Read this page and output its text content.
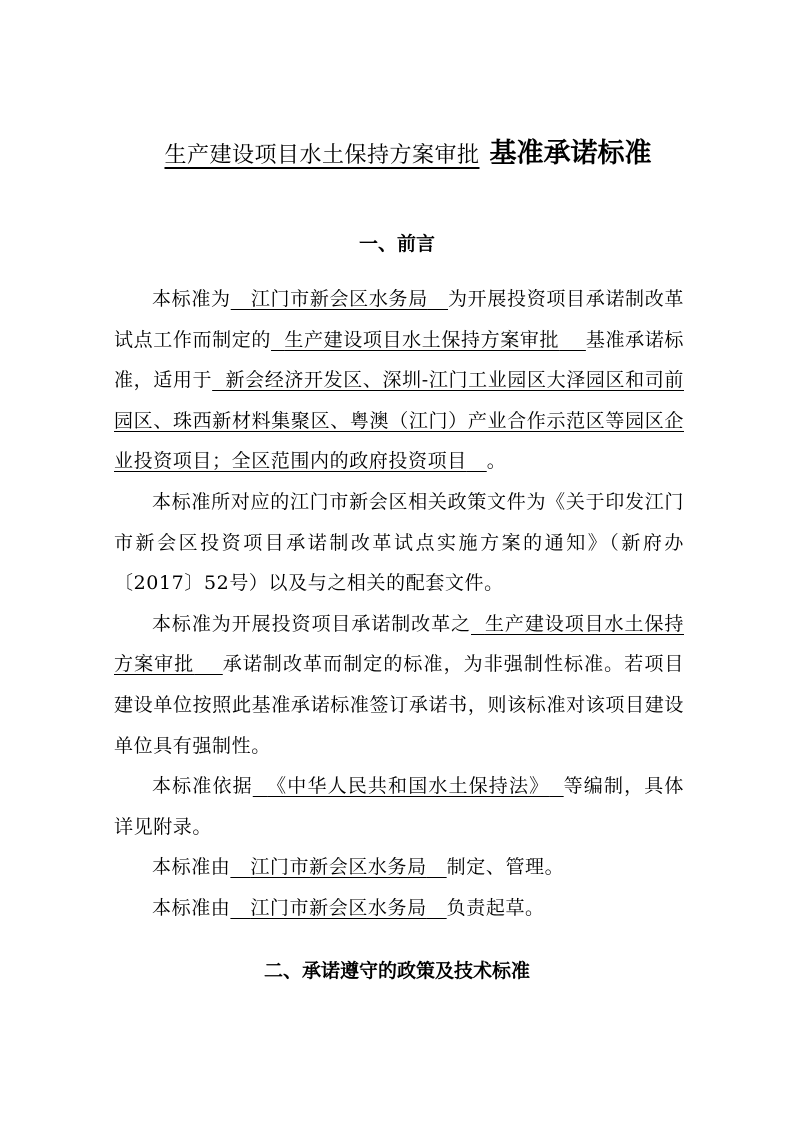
生产建设项目水土保持方案审批 基准承诺标准
一、前言

本标准为 江门市新会区水务局 为开展投资项目承诺制改革试点工作而制定的 生产建设项目水土保持方案审批 基准承诺标准，适用于 新会经济开发区、深圳-江门工业园区大泽园区和司前园区、珠西新材料集聚区、粤澳（江门）产业合作示范区等园区企业投资项目；全区范围内的政府投资项目 。

本标准所对应的江门市新会区相关政策文件为《关于印发江门市新会区投资项目承诺制改革试点实施方案的通知》（新府办〔2017〕52号）以及与之相关的配套文件。

本标准为开展投资项目承诺制改革之 生产建设项目水土保持方案审批 承诺制改革而制定的标准，为非强制性标准。若项目建设单位按照此基准承诺标准签订承诺书，则该标准对该项目建设单位具有强制性。

本标准依据 《中华人民共和国水土保持法》 等编制，具体详见附录。

本标准由 江门市新会区水务局 制定、管理。

本标准由 江门市新会区水务局 负责起草。

二、承诺遵守的政策及技术标准
